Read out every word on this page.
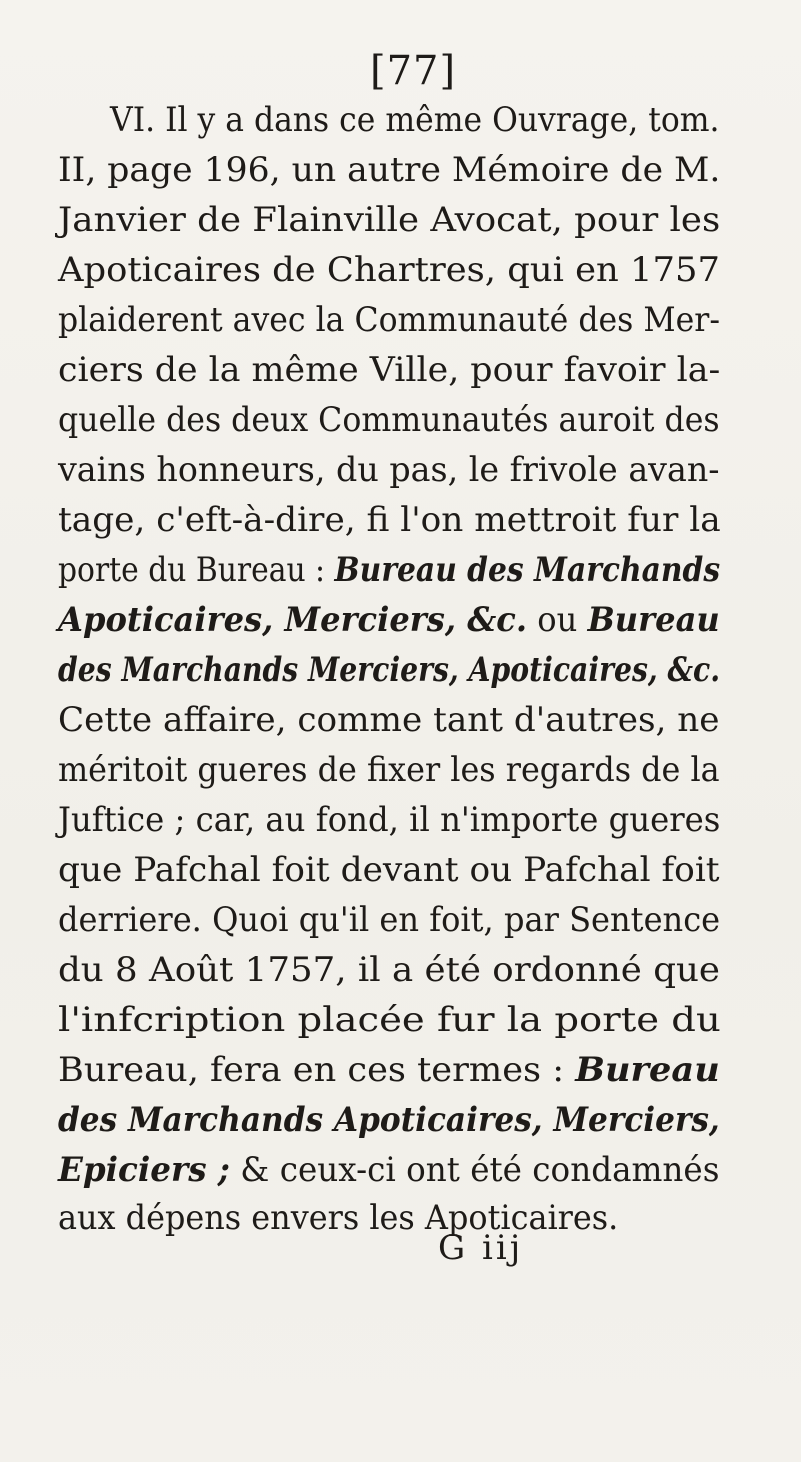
[77]
VI. Il y a dans ce même Ouvrage, tom.
II, page 196, un autre Mémoire de M.
Janvier de Flainville Avocat, pour les
Apoticaires de Chartres, qui en 1757
plaiderent avec la Communauté des Mer-
ciers de la même Ville, pour favoir la-
quelle des deux Communautés auroit des
vains honneurs, du pas, le frivole avan-
tage, c'eft-à-dire, fi l'on mettroit fur la
porte du Bureau : Bureau des Marchands
Apoticaires, Merciers, &c. ou Bureau
des Marchands Merciers, Apoticaires, &c.
Cette affaire, comme tant d'autres, ne
méritoit gueres de fixer les regards de la
Juftice ; car, au fond, il n'importe gueres
que Pafchal foit devant ou Pafchal foit
derriere. Quoi qu'il en foit, par Sentence
du 8 Août 1757, il a été ordonné que
l'infcription placée fur la porte du
Bureau, fera en ces termes : Bureau
des Marchands Apoticaires, Merciers,
Epiciers ; & ceux-ci ont été condamnés
aux dépens envers les Apoticaires.
G iij
